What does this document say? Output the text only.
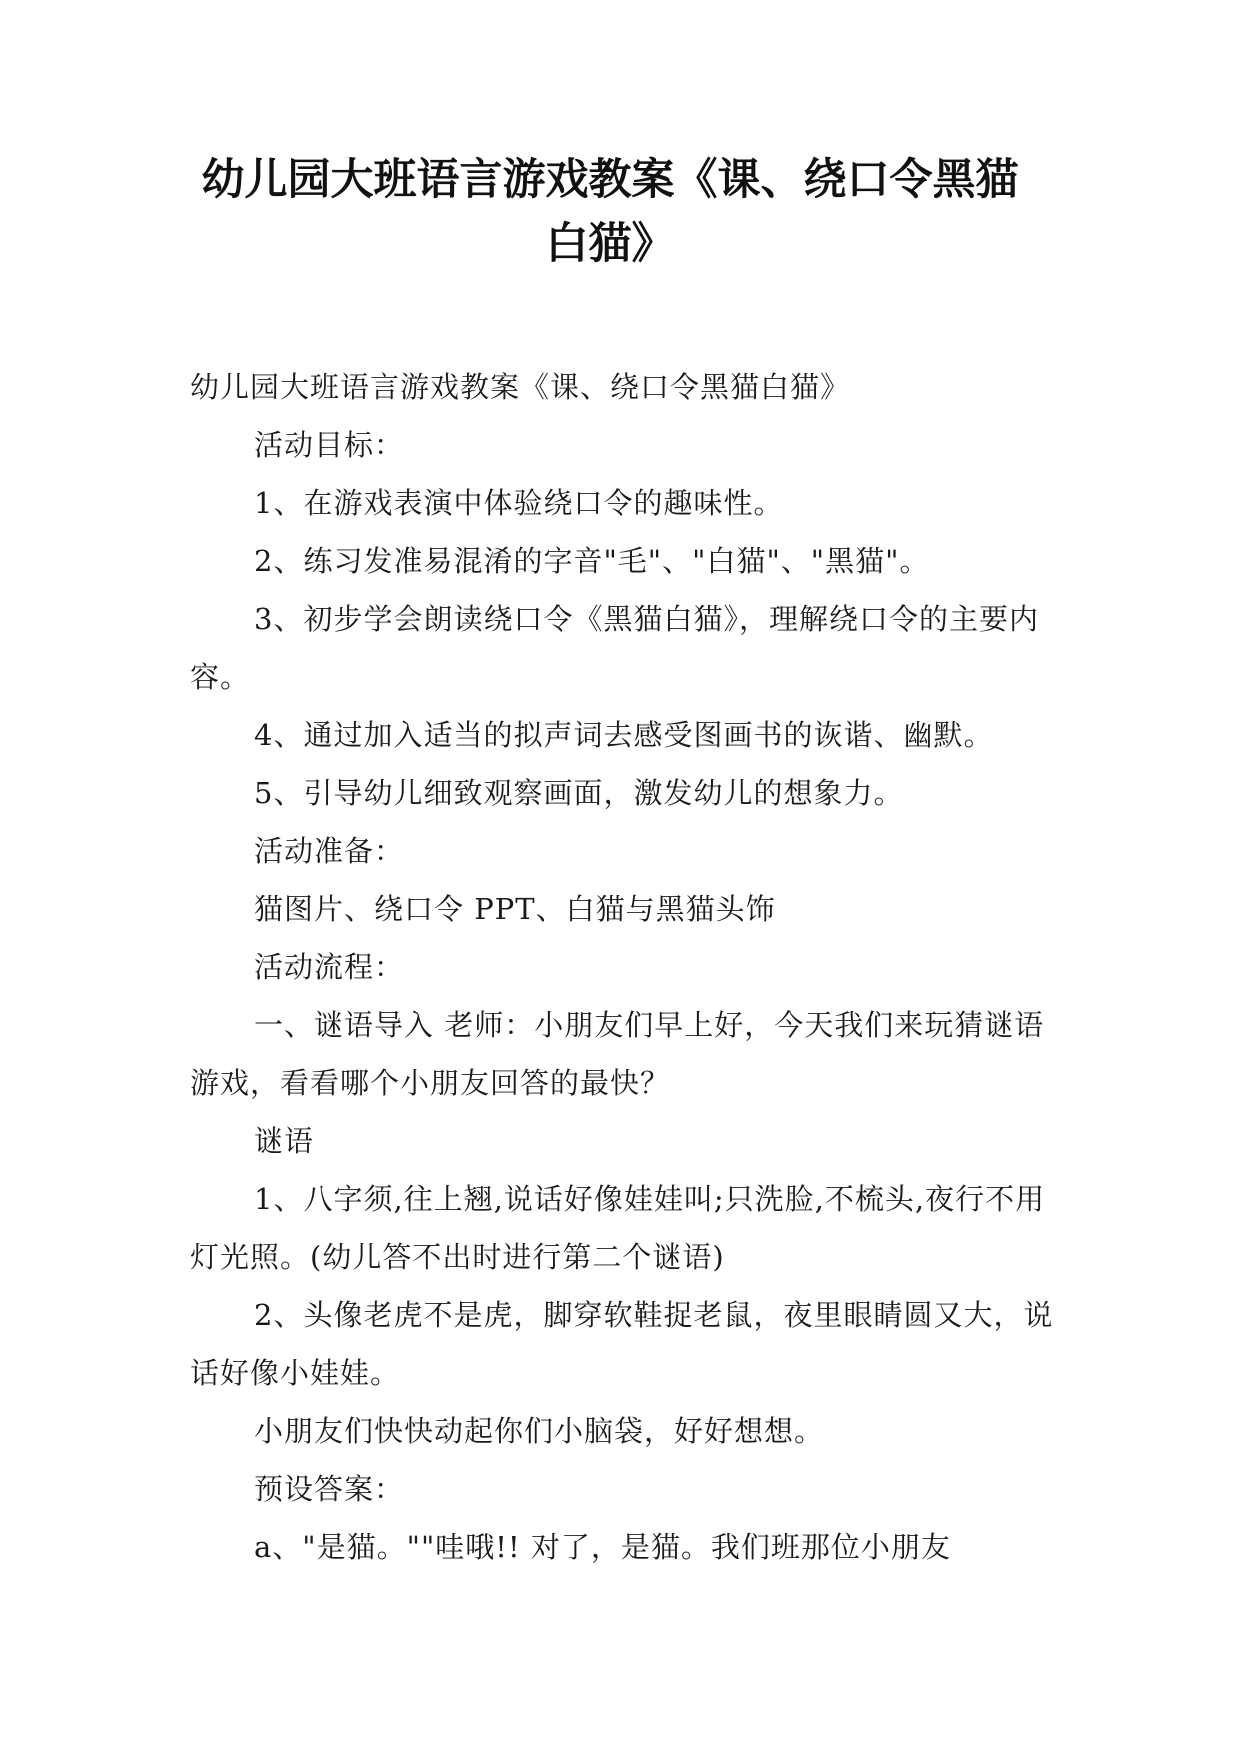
幼儿园大班语言游戏教案《课、绕口令黑猫
白猫》

幼儿园大班语言游戏教案《课、绕口令黑猫白猫》

活动目标：

1、在游戏表演中体验绕口令的趣味性。

2、练习发准易混淆的字音"毛"、"白猫"、"黑猫"。

3、初步学会朗读绕口令《黑猫白猫》，理解绕口令的主要内容。

4、通过加入适当的拟声词去感受图画书的诙谐、幽默。

5、引导幼儿细致观察画面，激发幼儿的想象力。

活动准备：

猫图片、绕口令 PPT、白猫与黑猫头饰

活动流程：

一、谜语导入 老师：小朋友们早上好，今天我们来玩猜谜语游戏，看看哪个小朋友回答的最快？

谜语

1、八字须,往上翘,说话好像娃娃叫;只洗脸,不梳头,夜行不用灯光照。(幼儿答不出时进行第二个谜语)

2、头像老虎不是虎，脚穿软鞋捉老鼠，夜里眼睛圆又大，说话好像小娃娃。

小朋友们快快动起你们小脑袋，好好想想。

预设答案：

a、"是猫。""哇哦!! 对了，是猫。我们班那位小朋友
